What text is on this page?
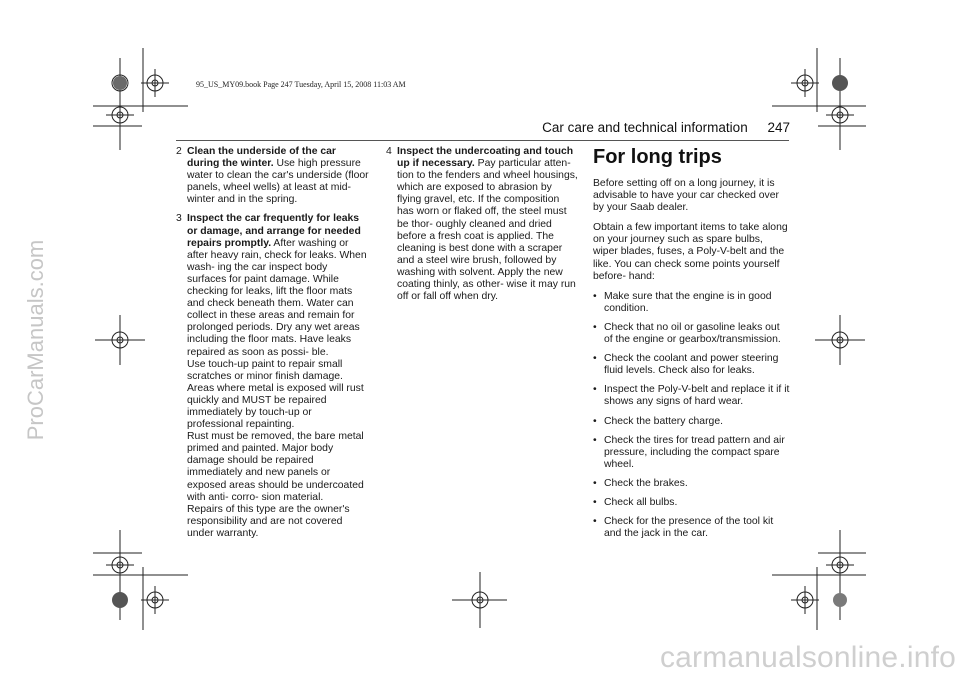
95_US_MY09.book Page 247 Tuesday, April 15, 2008 11:03 AM
ProCarManuals.com
carmanualsonline.info
Car care and technical information 247
2 Clean the underside of the car during the winter. Use high pressure water to clean the car's underside (floor panels, wheel wells) at least at mid- winter and in the spring.
3 Inspect the car frequently for leaks or damage, and arrange for needed repairs promptly. After washing or after heavy rain, check for leaks. When wash- ing the car inspect body surfaces for paint damage. While checking for leaks, lift the floor mats and check beneath them. Water can collect in these areas and remain for prolonged periods. Dry any wet areas including the floor mats. Have leaks repaired as soon as possi- ble.
Use touch-up paint to repair small scratches or minor finish damage. Areas where metal is exposed will rust quickly and MUST be repaired immediately by touch-up or professional repainting.
Rust must be removed, the bare metal primed and painted. Major body damage should be repaired immediately and new panels or exposed areas should be undercoated with anti- corro- sion material.
Repairs of this type are the owner's responsibility and are not covered under warranty.
4 Inspect the undercoating and touch up if necessary. Pay particular atten- tion to the fenders and wheel housings, which are exposed to abrasion by flying gravel, etc. If the composition has worn or flaked off, the steel must be thor- oughly cleaned and dried before a fresh coat is applied. The cleaning is best done with a scraper and a steel wire brush, followed by washing with solvent. Apply the new coating thinly, as other- wise it may run off or fall off when dry.
For long trips

Before setting off on a long journey, it is advisable to have your car checked over by your Saab dealer.

Obtain a few important items to take along on your journey such as spare bulbs, wiper blades, fuses, a Poly-V-belt and the like. You can check some points yourself before- hand:

• Make sure that the engine is in good condition.
• Check that no oil or gasoline leaks out of the engine or gearbox/transmission.
• Check the coolant and power steering fluid levels. Check also for leaks.
• Inspect the Poly-V-belt and replace it if it shows any signs of hard wear.
• Check the battery charge.
• Check the tires for tread pattern and air pressure, including the compact spare wheel.
• Check the brakes.
• Check all bulbs.
• Check for the presence of the tool kit and the jack in the car.
